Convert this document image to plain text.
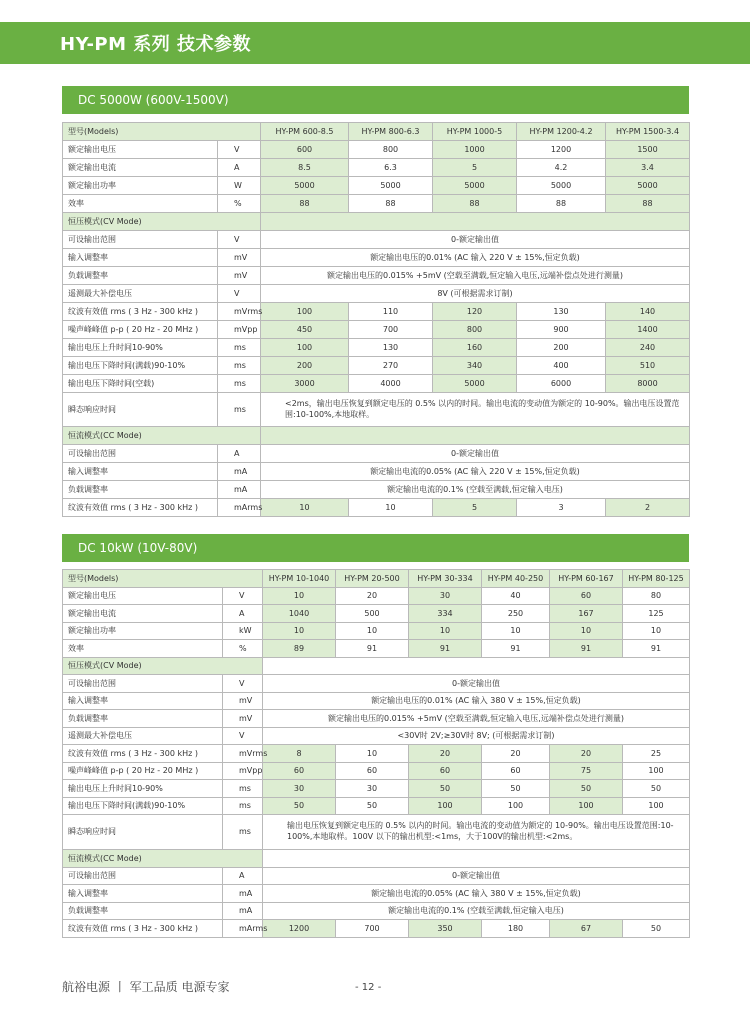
HY-PM 系列 技术参数
DC 5000W (600V-1500V)
型号(Models)		HY-PM 600-8.5	HY-PM 800-6.3	HY-PM 1000-5	HY-PM 1200-4.2	HY-PM 1500-3.4
额定输出电压	V	600	800	1000	1200	1500
额定输出电流	A	8.5	6.3	5	4.2	3.4
额定输出功率	W	5000	5000	5000	5000	5000
效率	%	88	88	88	88	88
恒压模式(CV Mode)						
可设输出范围	V	0-额定输出值				
输入调整率	mV	额定输出电压的0.01% (AC 输入 220 V ± 15%,恒定负载)				
负载调整率	mV	额定输出电压的0.015% +5mV (空载至满载,恒定输入电压,远端补偿点处进行测量)				
遥测最大补偿电压	V	8V (可根据需求订制)				
纹波有效值 rms ( 3 Hz - 300 kHz )	mVrms	100	110	120	130	140
噪声峰峰值 p-p ( 20 Hz - 20 MHz )	mVpp	450	700	800	900	1400
输出电压上升时间10-90%	ms	100	130	160	200	240
输出电压下降时间(满载)90-10%	ms	200	270	340	400	510
输出电压下降时间(空载)	ms	3000	4000	5000	6000	8000
瞬态响应时间	ms	<2ms，输出电压恢复到额定电压的 0.5% 以内的时间。输出电流的变动值为额定的 10-90%。输出电压设置范围:10-100%,本地取样。				
恒流模式(CC Mode)						
可设输出范围	A	0-额定输出值				
输入调整率	mA	额定输出电流的0.05% (AC 输入 220 V ± 15%,恒定负载)				
负载调整率	mA	额定输出电流的0.1% (空载至满载,恒定输入电压)				
纹波有效值 rms ( 3 Hz - 300 kHz )	mArms	10	10	5	3	2
DC 10kW (10V-80V)
型号(Models)		HY-PM 10-1040	HY-PM 20-500	HY-PM 30-334	HY-PM 40-250	HY-PM 60-167	HY-PM 80-125
额定输出电压	V	10	20	30	40	60	80
额定输出电流	A	1040	500	334	250	167	125
额定输出功率	kW	10	10	10	10	10	10
效率	%	89	91	91	91	91	91
恒压模式(CV Mode)							
可设输出范围	V	0-额定输出值					
输入调整率	mV	额定输出电压的0.01% (AC 输入 380 V ± 15%,恒定负载)					
负载调整率	mV	额定输出电压的0.015% +5mV (空载至满载,恒定输入电压,远端补偿点处进行测量)					
遥测最大补偿电压	V	<30V时 2V;≥30V时 8V; (可根据需求订制)					
纹波有效值 rms ( 3 Hz - 300 kHz )	mVrms	8	10	20	20	20	25
噪声峰峰值 p-p ( 20 Hz - 20 MHz )	mVpp	60	60	60	60	75	100
输出电压上升时间10-90%	ms	30	30	50	50	50	50
输出电压下降时间(满载)90-10%	ms	50	50	100	100	100	100
瞬态响应时间	ms	输出电压恢复到额定电压的 0.5% 以内的时间。输出电流的变动值为额定的 10-90%。输出电压设置范围:10-100%,本地取样。100V 以下的输出机型:<1ms，大于100V的输出机型:<2ms。					
恒流模式(CC Mode)							
可设输出范围	A	0-额定输出值					
输入调整率	mA	额定输出电流的0.05% (AC 输入 380 V ± 15%,恒定负载)					
负载调整率	mA	额定输出电流的0.1% (空载至满载,恒定输入电压)					
纹波有效值 rms ( 3 Hz - 300 kHz )	mArms	1200	700	350	180	67	50
航裕电源 丨 军工品质 电源专家	- 12 -
